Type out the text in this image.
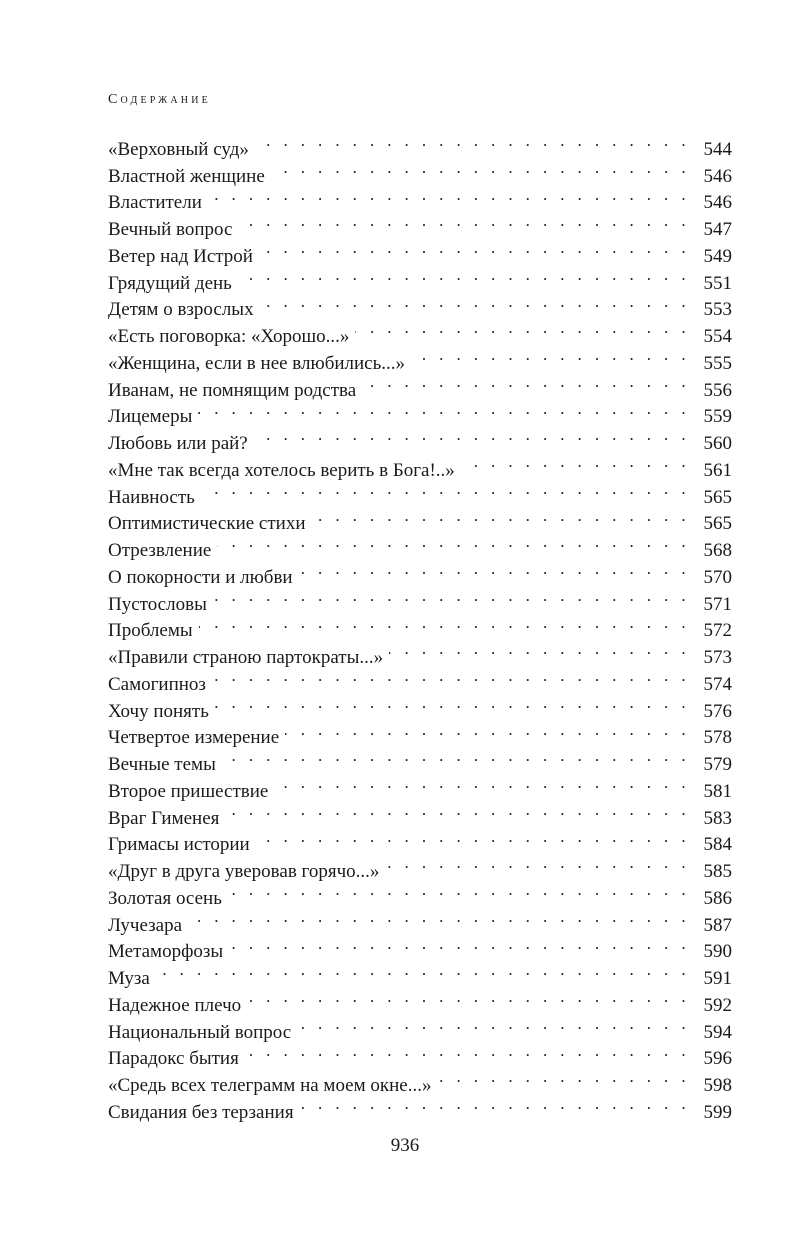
Содержание
«Верховный суд» . . .	544
Властной женщине . . .	546
Властители . . .	546
Вечный вопрос . . .	547
Ветер над Истрой . . .	549
Грядущий день . . .	551
Детям о взрослых . . .	553
«Есть поговорка: «Хорошо...» . . .	554
«Женщина, если в нее влюбились...» . . .	555
Иванам, не помнящим родства . . .	556
Лицемеры . . .	559
Любовь или рай? . . .	560
«Мне так всегда хотелось верить в Бога!..» . . .	561
Наивность . . .	565
Оптимистические стихи . . .	565
Отрезвление . . .	568
О покорности и любви . . .	570
Пустословы . . .	571
Проблемы . . .	572
«Правили страною партократы...» . . .	573
Самогипноз . . .	574
Хочу понять . . .	576
Четвертое измерение . . .	578
Вечные темы . . .	579
Второе пришествие . . .	581
Враг Гименея . . .	583
Гримасы истории . . .	584
«Друг в друга уверовав горячо...» . . .	585
Золотая осень . . .	586
Лучезара . . .	587
Метаморфозы . . .	590
Муза . . .	591
Надежное плечо . . .	592
Национальный вопрос . . .	594
Парадокс бытия . . .	596
«Средь всех телеграмм на моем окне...» . . .	598
Свидания без терзания . . .	599
936
